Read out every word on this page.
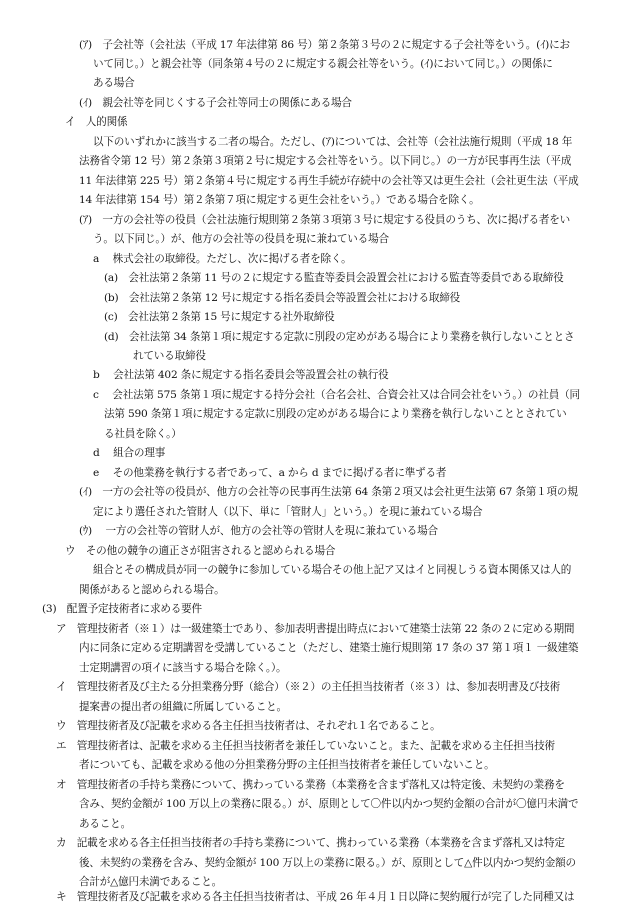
(ｱ)　子会社等（会社法（平成 17 年法律第 86 号）第２条第３号の２に規定する子会社等をいう。(ｲ)にお
いて同じ。）と親会社等（同条第４号の２に規定する親会社等をいう。(ｲ)において同じ。）の関係に
ある場合
(ｲ)　親会社等を同じくする子会社等同士の関係にある場合
イ　人的関係
以下のいずれかに該当する二者の場合。ただし、(ｱ)については、会社等（会社法施行規則（平成 18 年
法務省令第 12 号）第２条第３項第２号に規定する会社等をいう。以下同じ。）の一方が民事再生法（平成
11 年法律第 225 号）第２条第４号に規定する再生手続が存続中の会社等又は更生会社（会社更生法（平成
14 年法律第 154 号）第２条第７項に規定する更生会社をいう。）である場合を除く。
(ｱ)　一方の会社等の役員（会社法施行規則第２条第３項第３号に規定する役員のうち、次に掲げる者をい
う。以下同じ。）が、他方の会社等の役員を現に兼ねている場合
a　 株式会社の取締役。ただし、次に掲げる者を除く。
(a)　会社法第２条第 11 号の２に規定する監査等委員会設置会社における監査等委員である取締役
(b)　会社法第２条第 12 号に規定する指名委員会等設置会社における取締役
(c)　会社法第２条第 15 号に規定する社外取締役
(d)　会社法第 34 条第１項に規定する定款に別段の定めがある場合により業務を執行しないこととさ
れている取締役
b　 会社法第 402 条に規定する指名委員会等設置会社の執行役
c　 会社法第 575 条第１項に規定する持分会社（合名会社、合資会社又は合同会社をいう。）の社員（同
法第 590 条第１項に規定する定款に別段の定めがある場合により業務を執行しないこととされてい
る社員を除く。）
d　 組合の理事
e　 その他業務を執行する者であって、a から d までに掲げる者に準ずる者
(ｲ)　一方の会社等の役員が、他方の会社等の民事再生法第 64 条第２項又は会社更生法第 67 条第１項の規
定により選任された管財人（以下、単に「管財人」という。）を現に兼ねている場合
(ｳ)　 一方の会社等の管財人が、他方の会社等の管財人を現に兼ねている場合
ウ　その他の競争の適正さが阻害されると認められる場合
組合とその構成員が同一の競争に参加している場合その他上記ア又はイと同視しうる資本関係又は人的
関係があると認められる場合。
(3)　配置予定技術者に求める要件
ア　管理技術者（※１）は一級建築士であり、参加表明書提出時点において建築士法第 22 条の２に定める期間
内に同条に定める定期講習を受講していること（ただし、建築士施行規則第 17 条の 37 第１項１ 一級建築
士定期講習の項イに該当する場合を除く。）。
イ　管理技術者及び主たる分担業務分野（総合）（※２）の主任担当技術者（※３）は、参加表明書及び技術
提案書の提出者の組織に所属していること。
ウ　管理技術者及び記載を求める各主任担当技術者は、それぞれ１名であること。
エ　管理技術者は、記載を求める主任担当技術者を兼任していないこと。また、記載を求める主任担当技術
者についても、記載を求める他の分担業務分野の主任担当技術者を兼任していないこと。
オ　管理技術者の手持ち業務について、携わっている業務（本業務を含まず落札又は特定後、未契約の業務を
含み、契約金額が 100 万以上の業務に限る。）が、原則として〇件以内かつ契約金額の合計が〇億円未満で
あること。
カ　記載を求める各主任担当技術者の手持ち業務について、携わっている業務（本業務を含まず落札又は特定
後、未契約の業務を含み、契約金額が 100 万以上の業務に限る。）が、原則として△件以内かつ契約金額の
合計が△億円未満であること。
キ　管理技術者及び記載を求める各主任担当技術者は、平成 26 年４月１日以降に契約履行が完了した同種又は
